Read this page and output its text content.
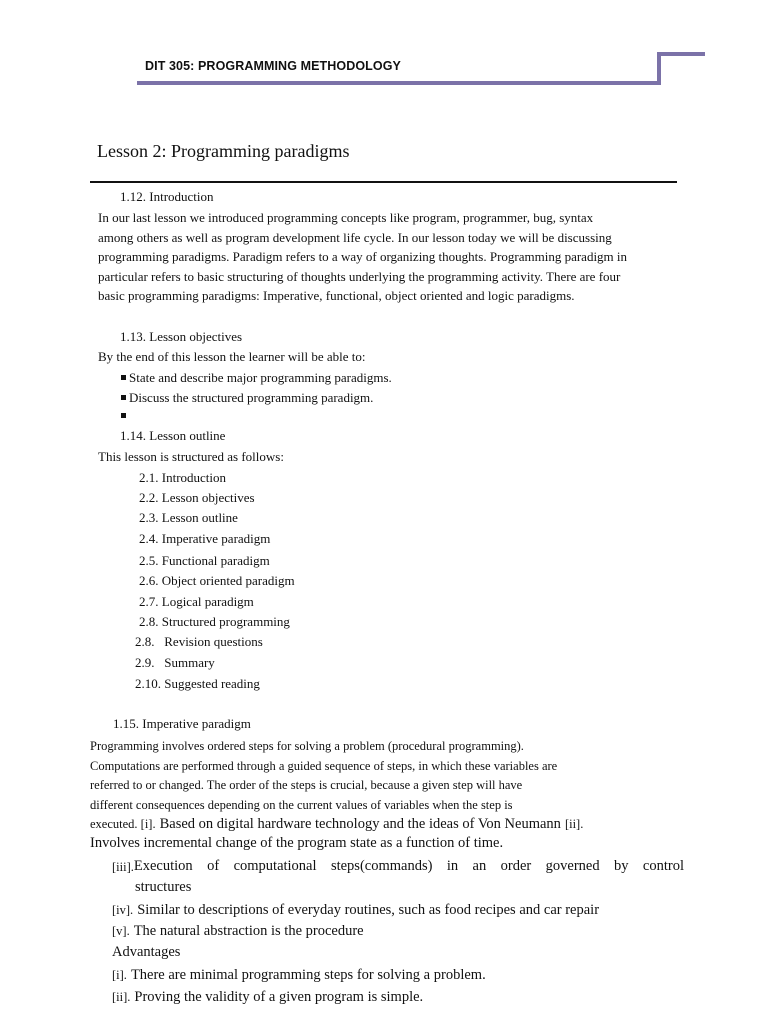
DIT 305: PROGRAMMING METHODOLOGY
Lesson 2: Programming paradigms
1.12. Introduction
In our last lesson we introduced programming concepts like program, programmer, bug, syntax
among others as well as program development life cycle. In our lesson today we will be discussing
programming paradigms. Paradigm refers to a way of organizing thoughts. Programming paradigm in
particular refers to basic structuring of thoughts underlying the programming activity. There are four
basic programming paradigms: Imperative, functional, object oriented and logic paradigms.
1.13. Lesson objectives
By the end of this lesson the learner will be able to:
State and describe major programming paradigms.
Discuss the structured programming paradigm.
1.14. Lesson outline
This lesson is structured as follows:
2.1. Introduction
2.2. Lesson objectives
2.3. Lesson outline
2.4. Imperative paradigm
2.5. Functional paradigm
2.6. Object oriented paradigm
2.7. Logical paradigm
2.8. Structured programming
2.8.   Revision questions
2.9.   Summary
2.10. Suggested reading
1.15. Imperative paradigm
Programming involves ordered steps for solving a problem (procedural programming).
Computations are performed through a guided sequence of steps, in which these variables are
referred to or changed. The order of the steps is crucial, because a given step will have
different consequences depending on the current values of variables when the step is
executed. [i]. Based on digital hardware technology and the ideas of Von Neumann [ii].
Involves incremental change of the program state as a function of time.
[iii]. Execution of computational steps(commands) in an order governed by control
structures
[iv]. Similar to descriptions of everyday routines, such as food recipes and car repair
[v]. The natural abstraction is the procedure
Advantages
[i]. There are minimal programming steps for solving a problem.
[ii]. Proving the validity of a given program is simple.
